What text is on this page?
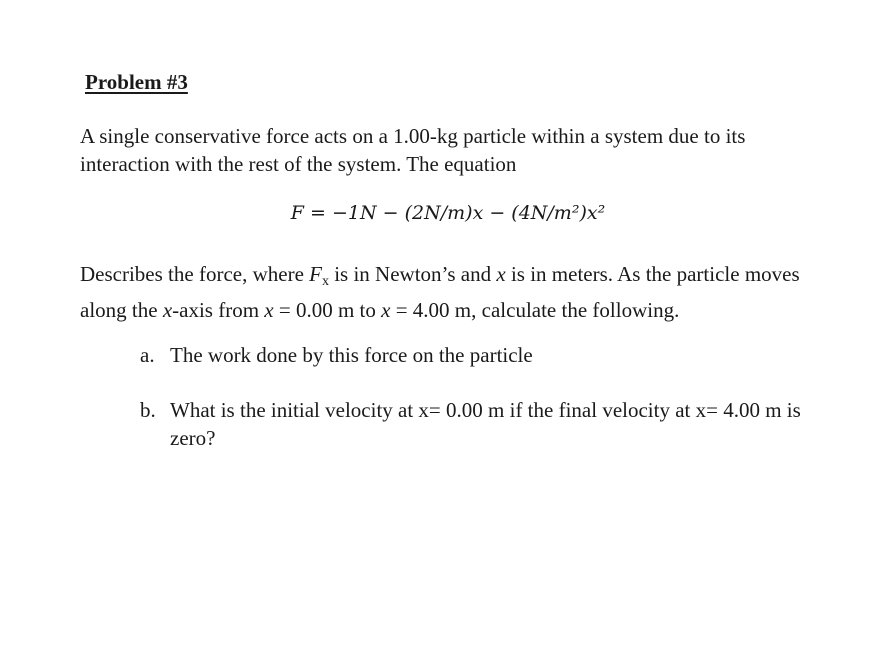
Problem #3
A single conservative force acts on a 1.00-kg particle within a system due to its interaction with the rest of the system. The equation
F = −1N − (2N/m)x − (4N/m²)x²
Describes the force, where $F_x$ is in Newton’s and x is in meters. As the particle moves along the x-axis from x = 0.00 m to x = 4.00 m, calculate the following.
a. The work done by this force on the particle
b. What is the initial velocity at x= 0.00 m if the final velocity at x= 4.00 m is zero?
